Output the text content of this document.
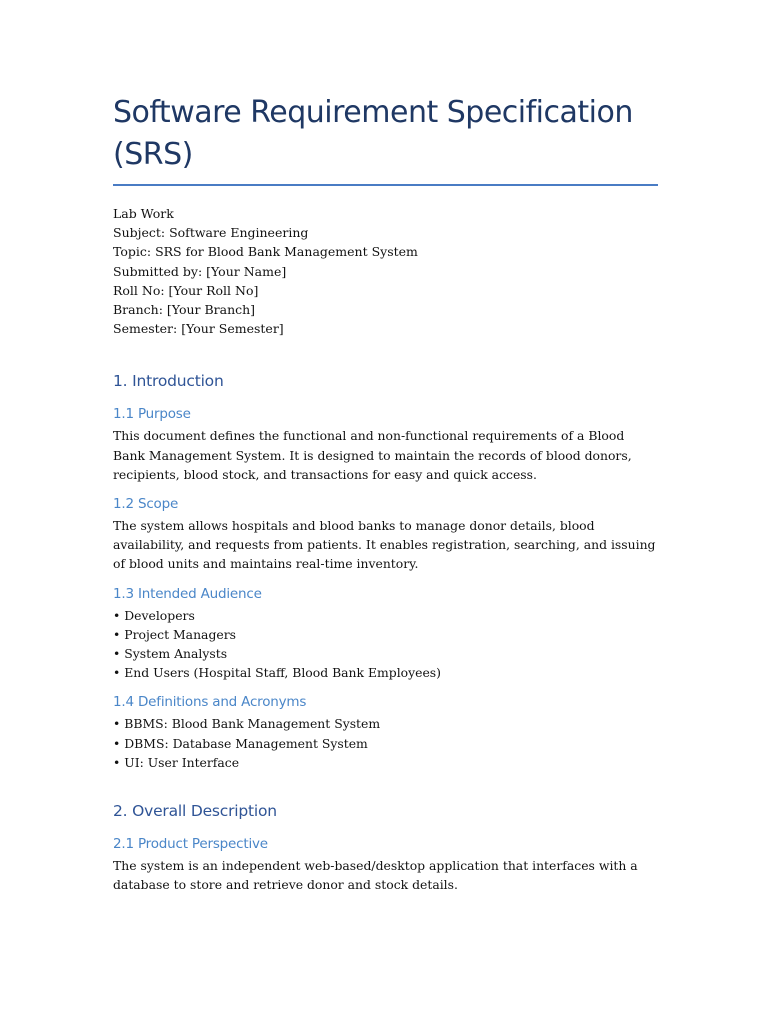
Software Requirement Specification (SRS)
Lab Work
Subject: Software Engineering
Topic: SRS for Blood Bank Management System
Submitted by: [Your Name]
Roll No: [Your Roll No]
Branch: [Your Branch]
Semester: [Your Semester]
1. Introduction
1.1 Purpose

This document defines the functional and non-functional requirements of a Blood Bank Management System. It is designed to maintain the records of blood donors, recipients, blood stock, and transactions for easy and quick access.

1.2 Scope

The system allows hospitals and blood banks to manage donor details, blood availability, and requests from patients. It enables registration, searching, and issuing of blood units and maintains real-time inventory.

1.3 Intended Audience
• Developers
• Project Managers
• System Analysts
• End Users (Hospital Staff, Blood Bank Employees)
1.4 Definitions and Acronyms
• BBMS: Blood Bank Management System
• DBMS: Database Management System
• UI: User Interface
2. Overall Description
2.1 Product Perspective

The system is an independent web-based/desktop application that interfaces with a database to store and retrieve donor and stock details.
